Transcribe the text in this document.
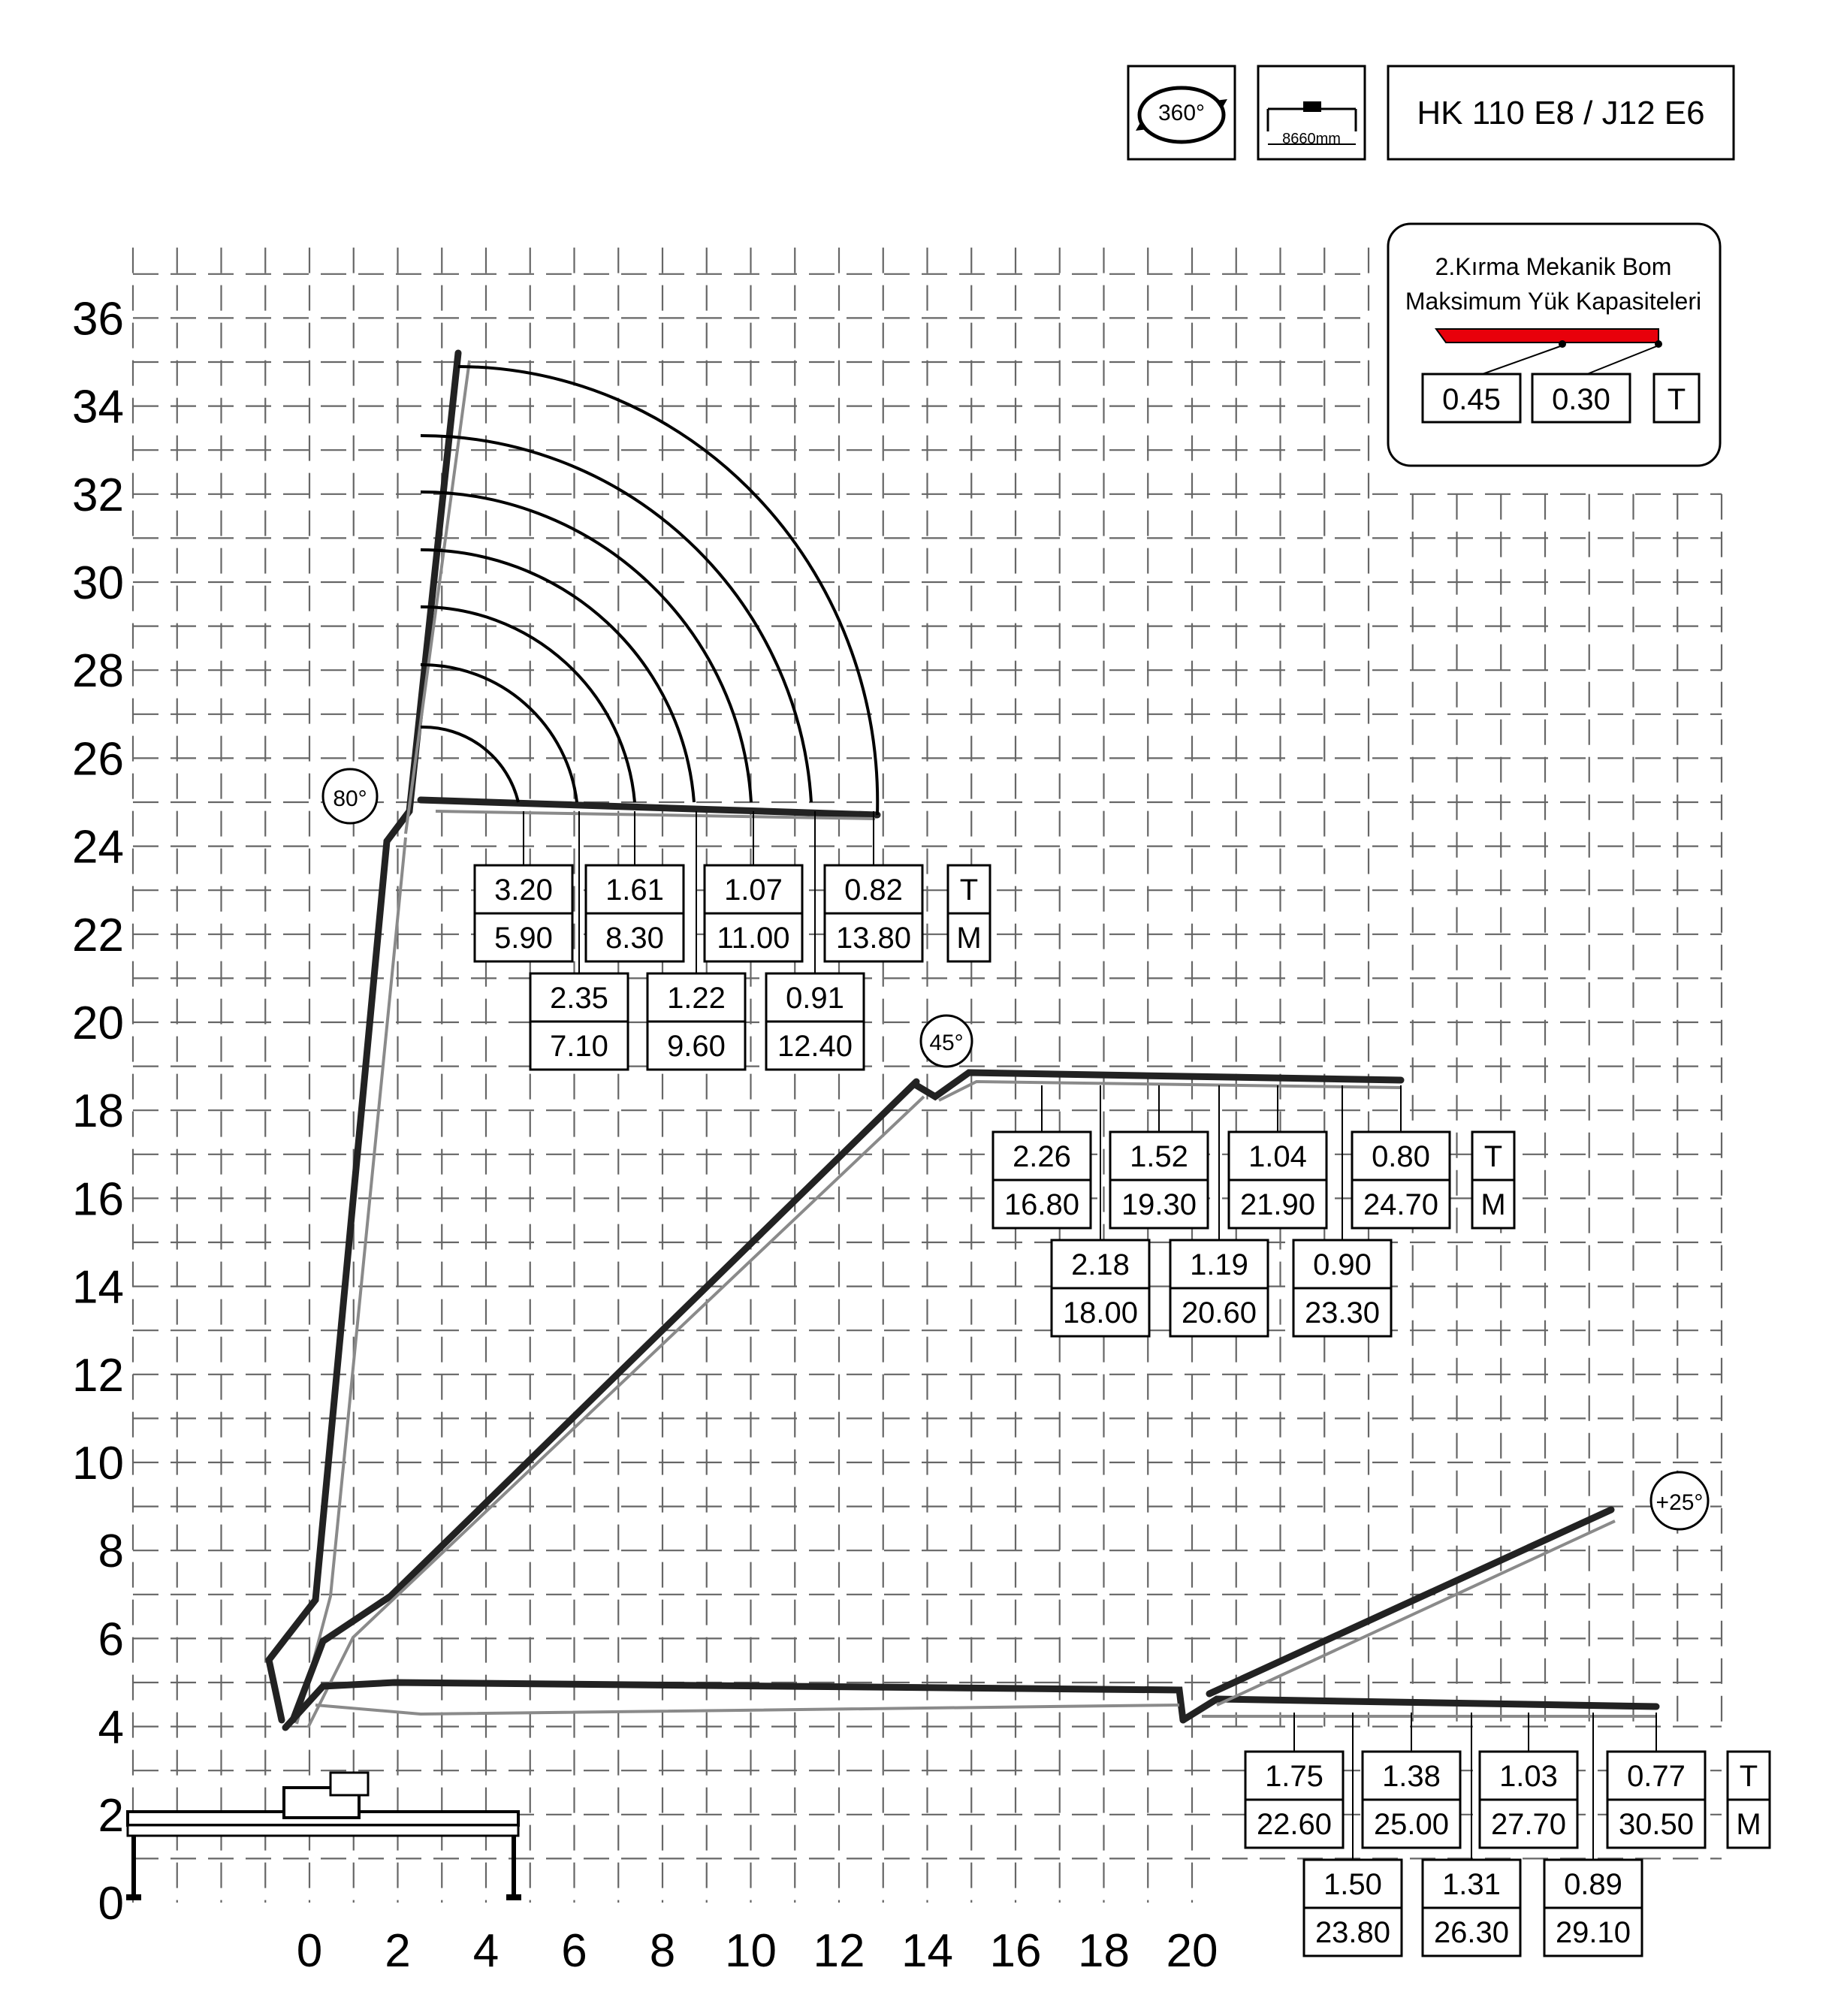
0
2
4
6
8
10
12
14
16
18
20
22
24
26
28
30
32
34
36
0 2 4 6 8 10 12 14 16 18 20
360°
8660mm
HK 110 E8 / J12 E6
2.Kırma Mekanik Bom
Maksimum Yük Kapasiteleri
0.45 0.30 T
80°
45°
+25°
3.20
5.90
1.61
8.30
1.07
11.00
0.82
13.80
2.35
7.10
1.22
9.60
0.91
12.40
T
M
2.26
16.80
1.52
19.30
1.04
21.90
0.80
24.70
2.18
18.00
1.19
20.60
0.90
23.30
T
M
1.75
22.60
1.38
25.00
1.03
27.70
0.77
30.50
1.50
23.80
1.31
26.30
0.89
29.10
T
M
